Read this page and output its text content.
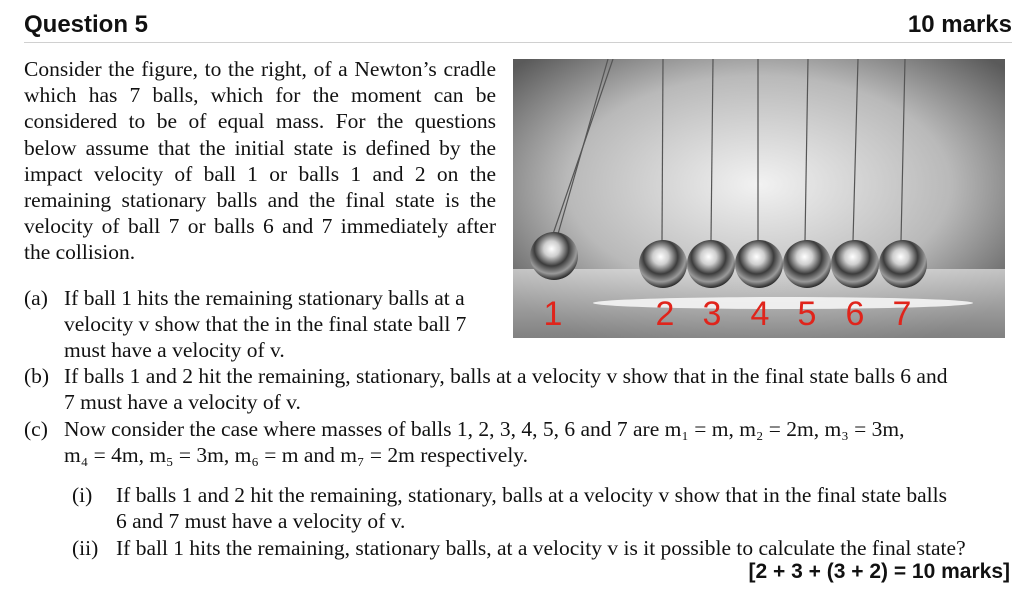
Question 5	10 marks
Consider the figure, to the right, of a Newton’s cradle which has 7 balls, which for the moment can be considered to be of equal mass. For the questions below assume that the initial state is defined by the impact velocity of ball 1 or balls 1 and 2 on the remaining stationary balls and the final state is the velocity of ball 7 or balls 6 and 7 immediately after the collision.
1	2 3 4 5 6 7
(a) If ball 1 hits the remaining stationary balls at a
velocity v show that the in the final state ball 7
must have a velocity of v.
(b) If balls 1 and 2 hit the remaining, stationary, balls at a velocity v show that in the final state balls 6 and
7 must have a velocity of v.
(c) Now consider the case where masses of balls 1, 2, 3, 4, 5, 6 and 7 are m₁ = m, m₂ = 2m, m₃ = 3m,
m₄ = 4m, m₅ = 3m, m₆ = m and m₇ = 2m respectively.
(i) If balls 1 and 2 hit the remaining, stationary, balls at a velocity v show that in the final state balls
6 and 7 must have a velocity of v.
(ii) If ball 1 hits the remaining, stationary balls, at a velocity v is it possible to calculate the final state?
[2 + 3 + (3 + 2) = 10 marks]
